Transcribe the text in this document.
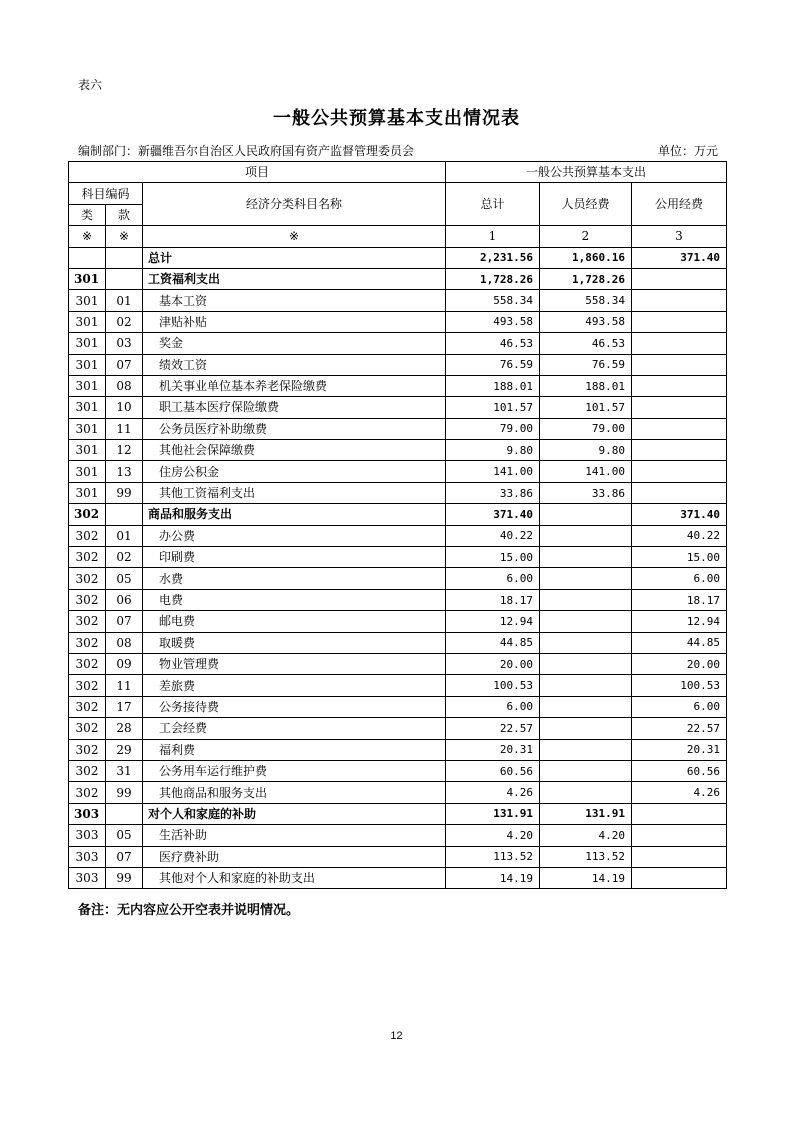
表六
一般公共预算基本支出情况表
编制部门：新疆维吾尔自治区人民政府国有资产监督管理委员会	单位：万元
项目			一般公共预算基本支出		
科目编码		经济分类科目名称	总计	人员经费	公用经费
类	款				
※	※	※	1	2	3
		总计	2,231.56	1,860.16	371.40
301		工资福利支出	1,728.26	1,728.26	
301	01	基本工资	558.34	558.34	
301	02	津贴补贴	493.58	493.58	
301	03	奖金	46.53	46.53	
301	07	绩效工资	76.59	76.59	
301	08	机关事业单位基本养老保险缴费	188.01	188.01	
301	10	职工基本医疗保险缴费	101.57	101.57	
301	11	公务员医疗补助缴费	79.00	79.00	
301	12	其他社会保障缴费	9.80	9.80	
301	13	住房公积金	141.00	141.00	
301	99	其他工资福利支出	33.86	33.86	
302		商品和服务支出	371.40		371.40
302	01	办公费	40.22		40.22
302	02	印刷费	15.00		15.00
302	05	水费	6.00		6.00
302	06	电费	18.17		18.17
302	07	邮电费	12.94		12.94
302	08	取暖费	44.85		44.85
302	09	物业管理费	20.00		20.00
302	11	差旅费	100.53		100.53
302	17	公务接待费	6.00		6.00
302	28	工会经费	22.57		22.57
302	29	福利费	20.31		20.31
302	31	公务用车运行维护费	60.56		60.56
302	99	其他商品和服务支出	4.26		4.26
303		对个人和家庭的补助	131.91	131.91	
303	05	生活补助	4.20	4.20	
303	07	医疗费补助	113.52	113.52	
303	99	其他对个人和家庭的补助支出	14.19	14.19	
备注：无内容应公开空表并说明情况。
12
